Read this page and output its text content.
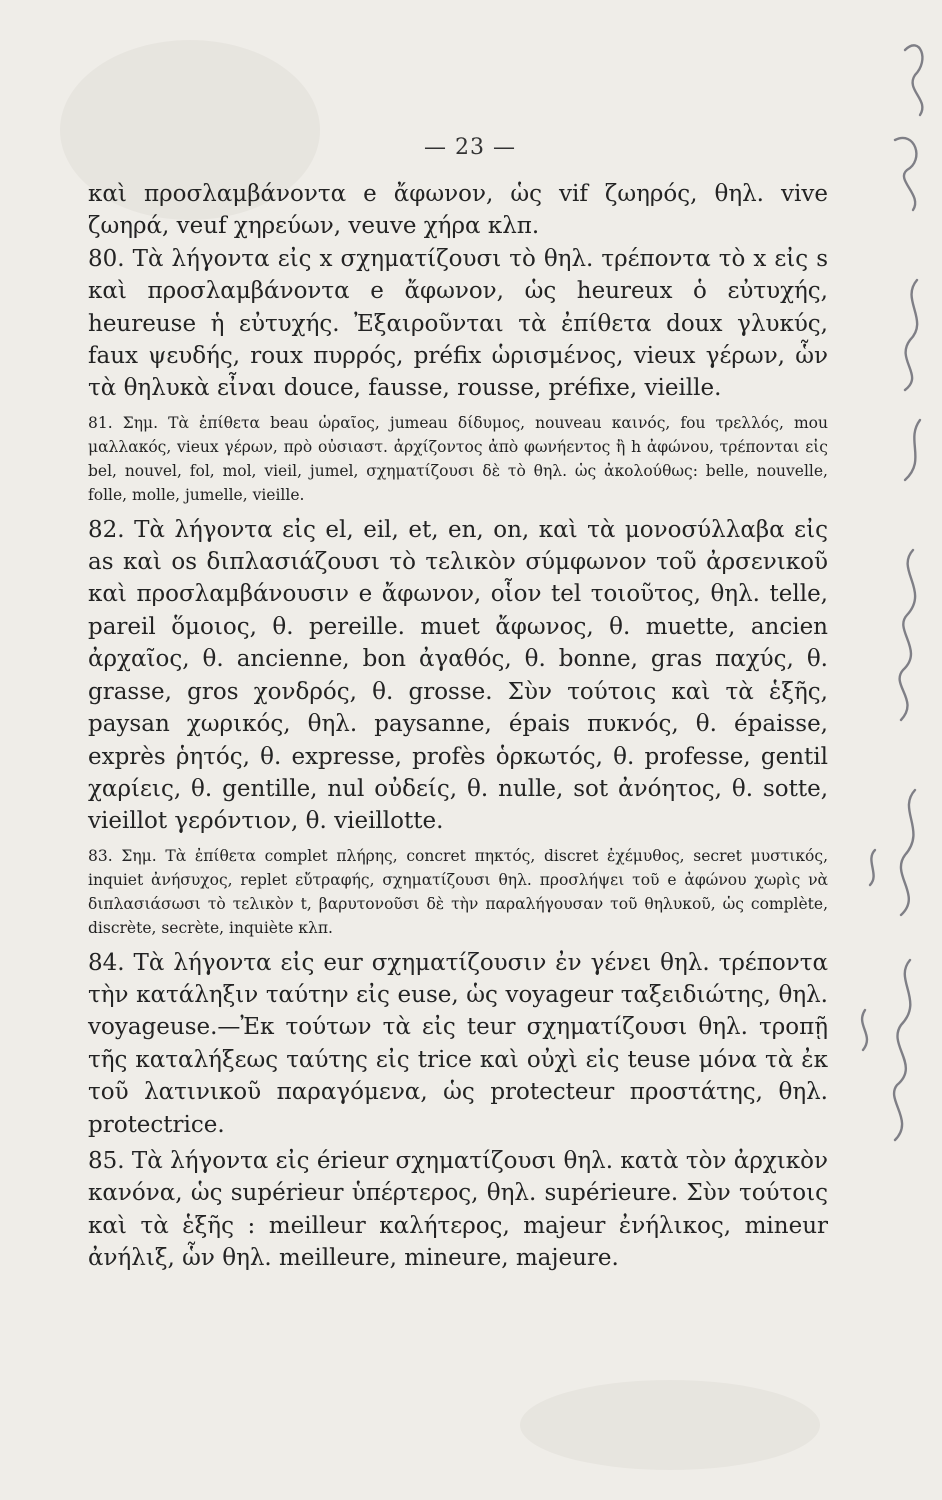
— 23 —

καὶ προσλαμβάνοντα e ἄφωνον, ὡς vif ζωηρός, θηλ. vive ζωηρά, veuf χηρεύων, veuve χήρα κλπ.

80. Τὰ λήγοντα εἰς x σχηματίζουσι τὸ θηλ. τρέποντα τὸ x εἰς s καὶ προσλαμβάνοντα e ἄφωνον, ὡς heureux ὁ εὐτυχής, heureuse ἡ εὐτυχής. Ἐξαιροῦνται τὰ ἐπίθετα doux γλυκύς, faux ψευδής, roux πυρρός, préfix ὡρισμένος, vieux γέρων, ὧν τὰ θηλυκὰ εἶναι douce, fausse, rousse, préfixe, vieille.

81. Σημ. Τὰ ἐπίθετα beau ὡραῖος, jumeau δίδυμος, nouveau καινός, fou τρελλός, mou μαλλακός, vieux γέρων, πρὸ οὐσιαστ. ἀρχίζοντος ἀπὸ φωνήεντος ἢ h ἀφώνου, τρέπονται εἰς bel, nouvel, fol, mol, vieil, jumel, σχηματίζουσι δὲ τὸ θηλ. ὡς ἀκολούθως: belle, nouvelle, folle, molle, jumelle, vieille.

82. Τὰ λήγοντα εἰς el, eil, et, en, on, καὶ τὰ μονοσύλλαβα εἰς as καὶ os διπλασιάζουσι τὸ τελικὸν σύμφωνον τοῦ ἀρσενικοῦ καὶ προσλαμβάνουσιν e ἄφωνον, οἷον tel τοιοῦτος, θηλ. telle, pareil ὅμοιος, θ. pereille. muet ἄφωνος, θ. muette, ancien ἀρχαῖος, θ. ancienne, bon ἀγαθός, θ. bonne, gras παχύς, θ. grasse, gros χονδρός, θ. grosse. Σὺν τούτοις καὶ τὰ ἑξῆς, paysan χωρικός, θηλ. paysanne, épais πυκνός, θ. épaisse, exprès ῥητός, θ. expresse, profès ὁρκωτός, θ. professe, gentil χαρίεις, θ. gentille, nul οὐδείς, θ. nulle, sot ἀνόητος, θ. sotte, vieillot γερόντιον, θ. vieillotte.

83. Σημ. Τὰ ἐπίθετα complet πλήρης, concret πηκτός, discret ἐχέμυθος, secret μυστικός, inquiet ἀνήσυχος, replet εὔτραφής, σχηματίζουσι θηλ. προσλήψει τοῦ e ἀφώνου χωρὶς νὰ διπλασιάσωσι τὸ τελικὸν t, βαρυτονοῦσι δὲ τὴν παραλήγουσαν τοῦ θηλυκοῦ, ὡς complète, discrète, secrète, inquiète κλπ.

84. Τὰ λήγοντα εἰς eur σχηματίζουσιν ἐν γένει θηλ. τρέποντα τὴν κατάληξιν ταύτην εἰς euse, ὡς voyageur ταξειδιώτης, θηλ. voyageuse.—Ἐκ τούτων τὰ εἰς teur σχηματίζουσι θηλ. τροπῇ τῆς καταλήξεως ταύτης εἰς trice καὶ οὐχὶ εἰς teuse μόνα τὰ ἐκ τοῦ λατινικοῦ παραγόμενα, ὡς protecteur προστάτης, θηλ. protectrice.

85. Τὰ λήγοντα εἰς érieur σχηματίζουσι θηλ. κατὰ τὸν ἀρχικὸν κανόνα, ὡς supérieur ὑπέρτερος, θηλ. supérieure. Σὺν τούτοις καὶ τὰ ἑξῆς : meilleur καλήτερος, majeur ἐνήλικος, mineur ἀνήλιξ, ὧν θηλ. meilleure, mineure, majeure.
